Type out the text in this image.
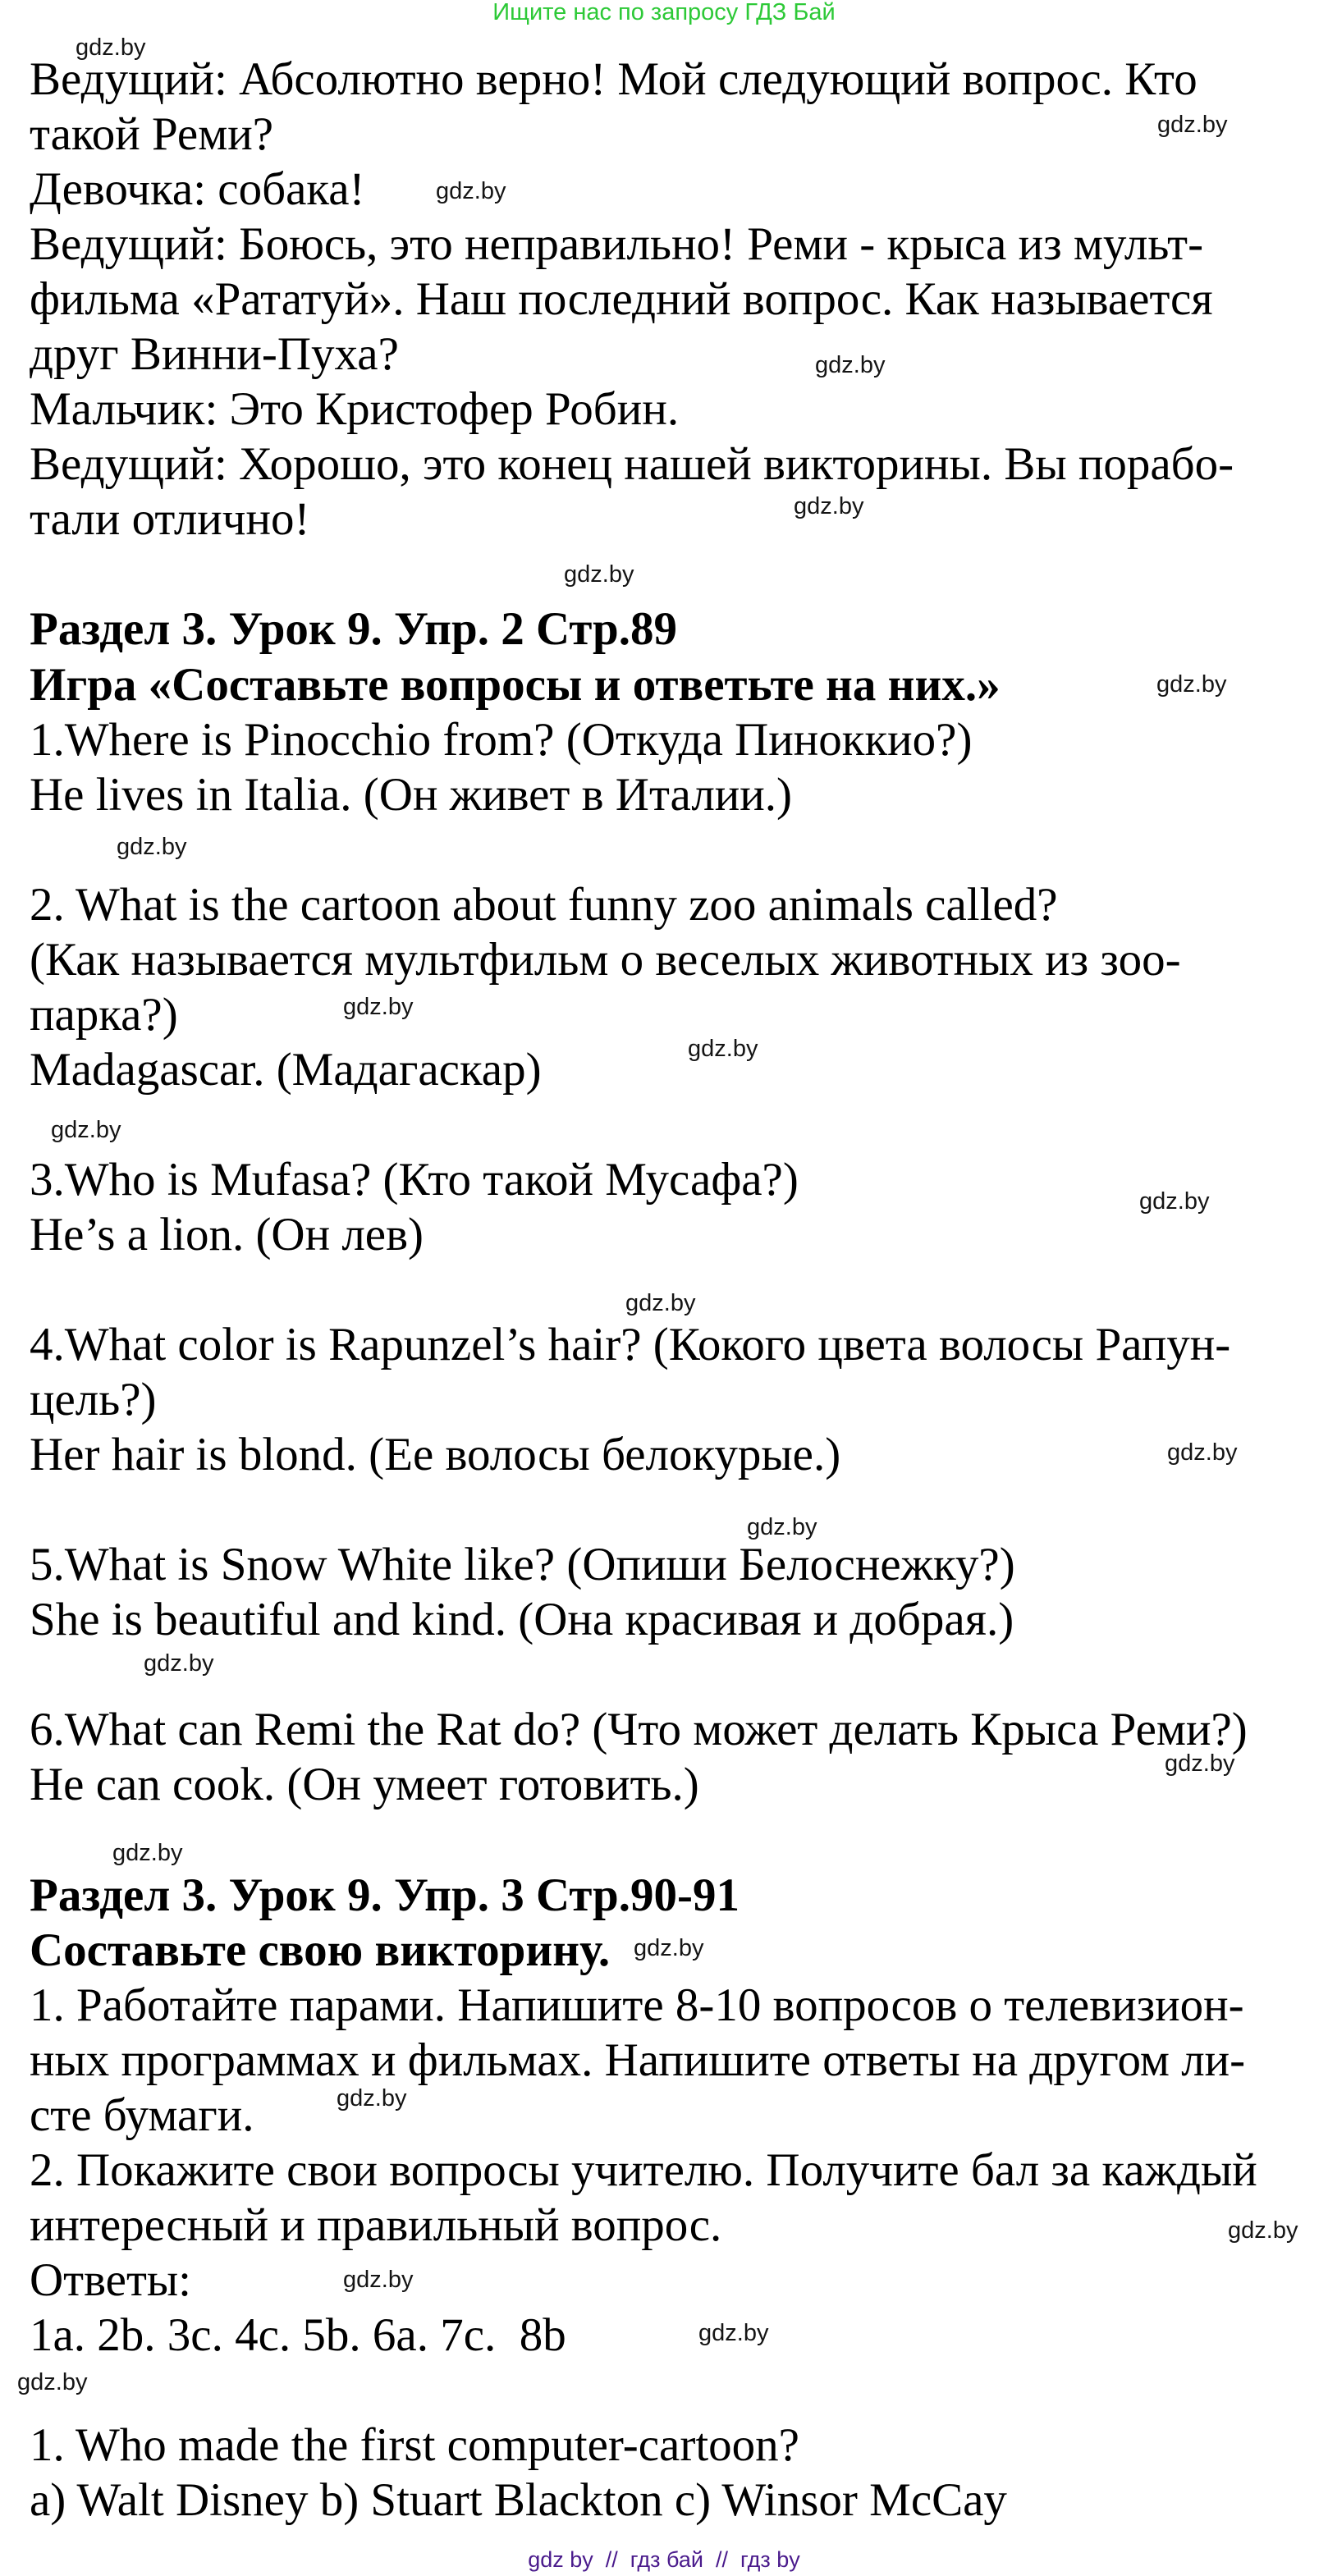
Ищите нас по запросу ГДЗ Бай
Ведущий: Абсолютно верно! Мой следующий вопрос. Кто
такой Реми?
Девочка: собака!
Ведущий: Боюсь, это неправильно! Реми - крыса из мульт-
фильма «Рататуй». Наш последний вопрос. Как называется
друг Винни-Пуха?
Мальчик: Это Кристофер Робин.
Ведущий: Хорошо, это конец нашей викторины. Вы порабо-
тали отлично!
Раздел 3. Урок 9. Упр. 2 Стр.89
Игра «Составьте вопросы и ответьте на них.»
1.Where is Pinocchio from? (Откуда Пиноккио?)
He lives in Italia. (Он живет в Италии.)
2. What is the cartoon about funny zoo animals called?
(Как называется мультфильм о веселых животных из зоо-
парка?)
Madagascar. (Мадагаскар)
3.Who is Mufasa? (Кто такой Мусафа?)
He’s a lion. (Он лев)
4.What color is Rapunzel’s hair? (Кокого цвета волосы Рапун-
цель?)
Her hair is blond. (Ее волосы белокурые.)
5.What is Snow White like? (Опиши Белоснежку?)
She is beautiful and kind. (Она красивая и добрая.)
6.What can Remi the Rat do? (Что может делать Крыса Реми?)
He can cook. (Он умеет готовить.)
Раздел 3. Урок 9. Упр. 3 Стр.90-91
Составьте свою викторину.
1. Работайте парами. Напишите 8-10 вопросов о телевизион-
ных программах и фильмах. Напишите ответы на другом ли-
сте бумаги.
2. Покажите свои вопросы учителю. Получите бал за каждый
интересный и правильный вопрос.
Ответы:
1a. 2b. 3c. 4c. 5b. 6a. 7c.  8b
1. Who made the first computer-cartoon?
a) Walt Disney b) Stuart Blackton c) Winsor McCay
gdz.by
gdz.by
gdz.by
gdz.by
gdz.by
gdz.by
gdz.by
gdz.by
gdz.by
gdz.by
gdz.by
gdz.by
gdz.by
gdz.by
gdz.by
gdz.by
gdz.by
gdz.by
gdz.by
gdz.by
gdz.by
gdz.by
gdz.by
gdz.by
gdz by  //  гдз бай  //  гдз by
